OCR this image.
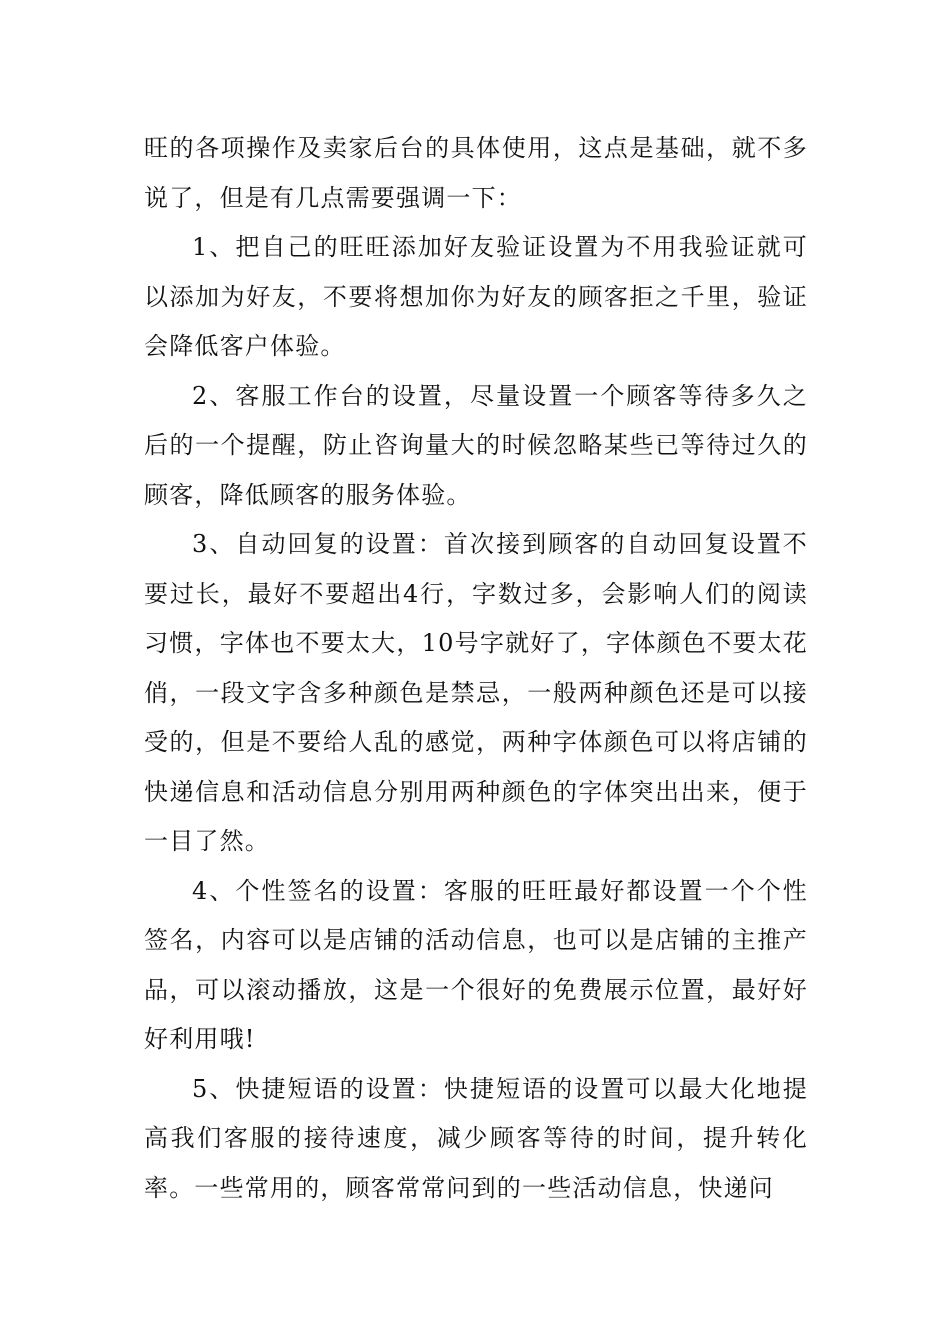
旺的各项操作及卖家后台的具体使用，这点是基础，就不多说了，但是有几点需要强调一下：

1、把自己的旺旺添加好友验证设置为不用我验证就可以添加为好友，不要将想加你为好友的顾客拒之千里，验证会降低客户体验。

2、客服工作台的设置，尽量设置一个顾客等待多久之后的一个提醒，防止咨询量大的时候忽略某些已等待过久的顾客，降低顾客的服务体验。

3、自动回复的设置：首次接到顾客的自动回复设置不要过长，最好不要超出4行，字数过多，会影响人们的阅读习惯，字体也不要太大，10号字就好了，字体颜色不要太花俏，一段文字含多种颜色是禁忌，一般两种颜色还是可以接受的，但是不要给人乱的感觉，两种字体颜色可以将店铺的快递信息和活动信息分别用两种颜色的字体突出出来，便于一目了然。

4、个性签名的设置：客服的旺旺最好都设置一个个性签名，内容可以是店铺的活动信息，也可以是店铺的主推产品，可以滚动播放，这是一个很好的免费展示位置，最好好好利用哦!

5、快捷短语的设置：快捷短语的设置可以最大化地提高我们客服的接待速度，减少顾客等待的时间，提升转化率。一些常用的，顾客常常问到的一些活动信息，快递问
